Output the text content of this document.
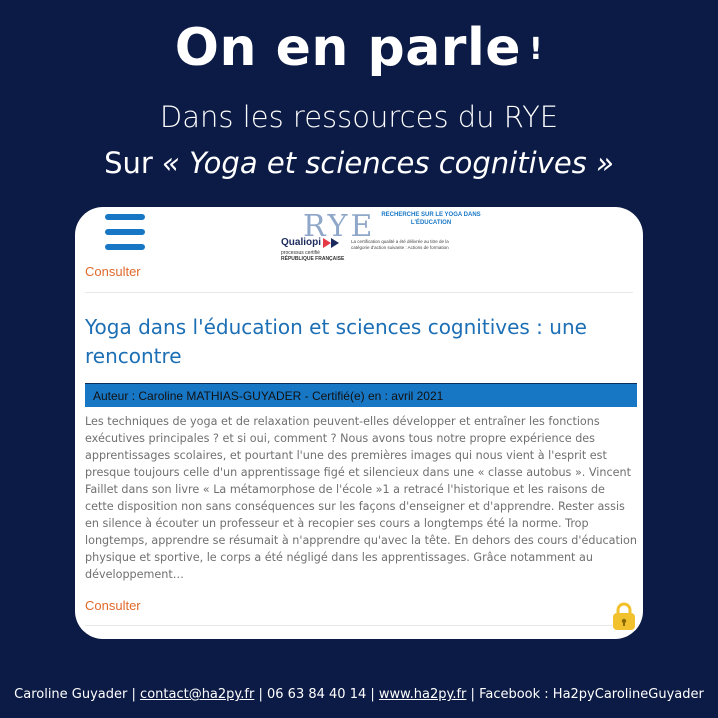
On en parle !
Dans les ressources du RYE
Sur « Yoga et sciences cognitives »
RYE RECHERCHE SUR LE YOGA DANS L'ÉDUCATION
Qualiopi
processus certifié
RÉPUBLIQUE FRANÇAISE
La certification qualité a été délivrée au titre de la catégorie d'action suivante : Actions de formation
Consulter
Yoga dans l'éducation et sciences cognitives : une rencontre
Auteur : Caroline MATHIAS-GUYADER - Certifié(e) en : avril 2021
Les techniques de yoga et de relaxation peuvent-elles développer et entraîner les fonctions exécutives principales ? et si oui, comment ? Nous avons tous notre propre expérience des apprentissages scolaires, et pourtant l'une des premières images qui nous vient à l'esprit est presque toujours celle d'un apprentissage figé et silencieux dans une « classe autobus ». Vincent Faillet dans son livre « La métamorphose de l'école »1 a retracé l'historique et les raisons de cette disposition non sans conséquences sur les façons d'enseigner et d'apprendre. Rester assis en silence à écouter un professeur et à recopier ses cours a longtemps été la norme. Trop longtemps, apprendre se résumait à n'apprendre qu'avec la tête. En dehors des cours d'éducation physique et sportive, le corps a été négligé dans les apprentissages. Grâce notamment au développement…
Consulter
Caroline Guyader | contact@ha2py.fr | 06 63 84 40 14 | www.ha2py.fr | Facebook : Ha2pyCarolineGuyader
